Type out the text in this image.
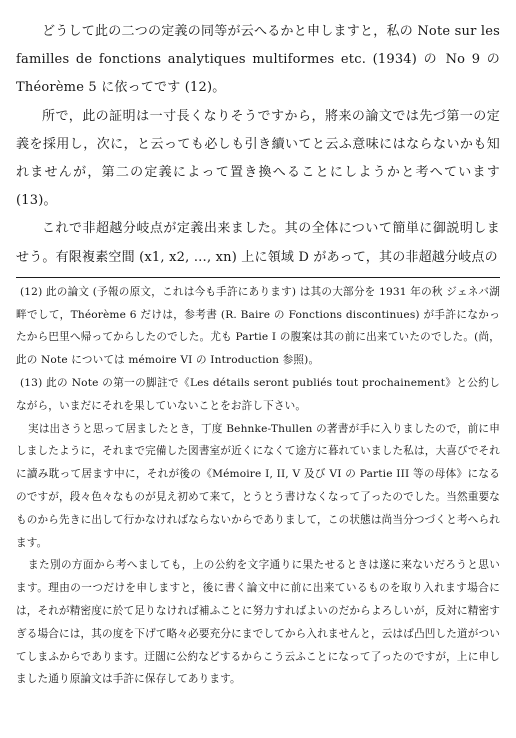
どうして此の二つの定義の同等が云へるかと申しますと，私の Note sur les familles de fonctions analytiques multiformes etc. (1934) の No 9 の Théorème 5 に依ってです (12)。

所で，此の証明は一寸長くなりそうですから，將来の論文では先づ第一の定義を採用し，次に，と云っても必しも引き續いてと云ふ意味にはならないかも知れませんが，第二の定義によって置き換へることにしようかと考へています (13)。

これで非超越分岐点が定義出来ました。其の全体について簡単に御説明しませう。有限複素空間 (x1, x2, …, xn) 上に領域 D があって，其の非超越分岐点の

(12) 此の論文 (予報の原文，これは今も手許にあります) は其の大部分を 1931 年の秋 ジェネバ湖畔でして，Théorème 6 だけは，参考書 (R. Baire の Fonctions discontinues) が手許になかったから巴里へ帰ってからしたのでした。尤も Partie I の腹案は其の前に出来ていたのでした。(尚，此の Note については mémoire VI の Introduction 参照)。

(13) 此の Note の第一の脚註で《Les détails seront publiés tout prochainement》と公約しながら，いまだにそれを果していないことをお許し下さい。

実は出さうと思って居ましたとき，丁度 Behnke-Thullen の著書が手に入りましたので，前に申しましたように，それまで完備した図書室が近くになくて途方に暮れていました私は，大喜びでそれに讀み耽って居ます中に，それが後の《Mémoire I, II, V 及び VI の Partie III 等の母体》になるのですが，段々色々なものが見え初めて来て，とうとう書けなくなって了ったのでした。当然重要なものから先きに出して行かなければならないからでありまして，この状態は尚当分つづくと考へられます。

また別の方面から考へましても，上の公約を文字通りに果たせるときは遂に来ないだろうと思います。理由の一つだけを申しますと，後に書く論文中に前に出来ているものを取り入れます場合には，それが精密度に於て足りなければ補ふことに努力すればよいのだからよろしいが，反対に精密すぎる場合には，其の度を下げて略々必要充分にまでしてから入れませんと，云はば凸凹した道がついてしまふからであります。迂闊に公約などするからこう云ふことになって了ったのですが，上に申しました通り原論文は手許に保存してあります。
